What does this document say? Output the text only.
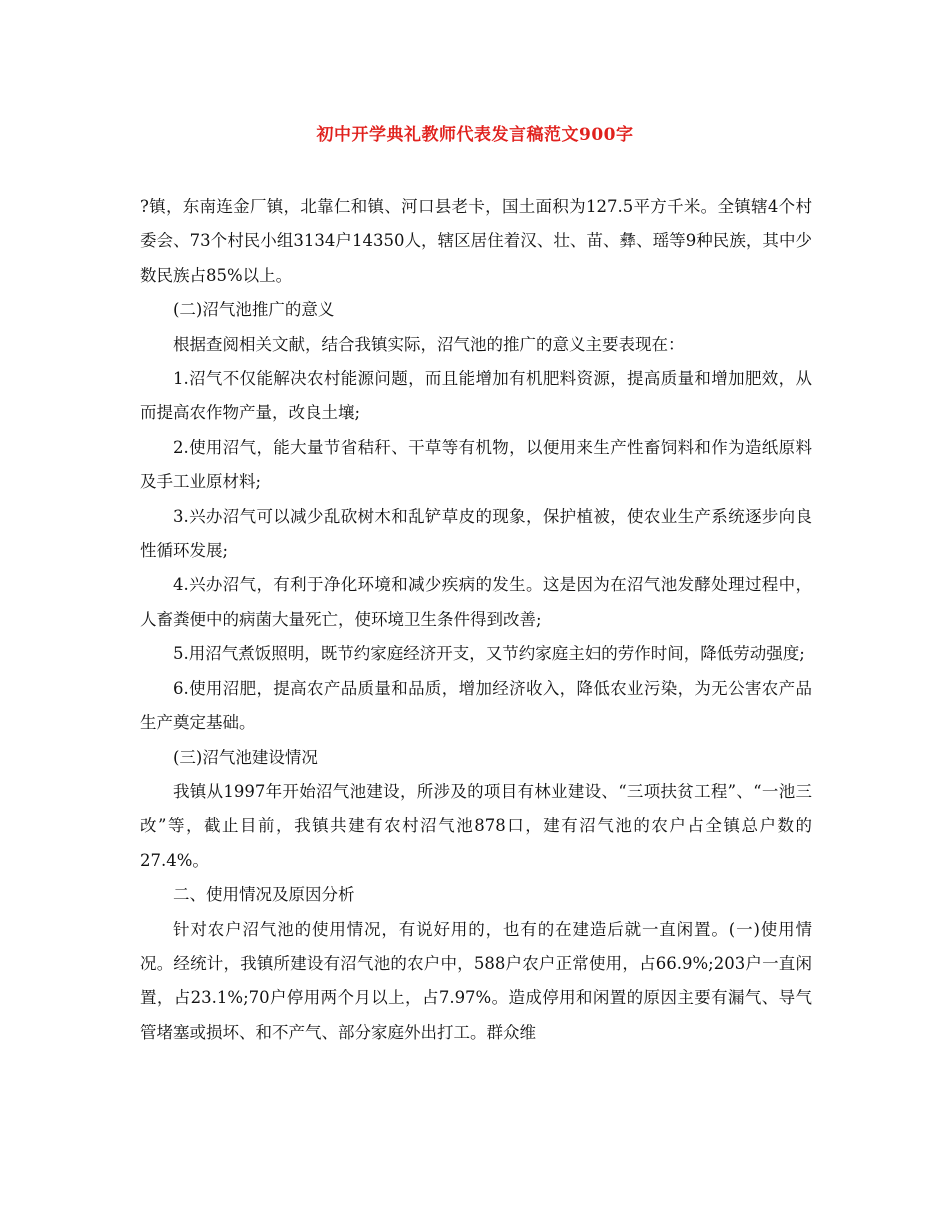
初中开学典礼教师代表发言稿范文900字

?镇，东南连金厂镇，北靠仁和镇、河口县老卡，国土面积为127.5平方千米。全镇辖4个村委会、73个村民小组3134户14350人，辖区居住着汉、壮、苗、彝、瑶等9种民族，其中少数民族占85%以上。

(二)沼气池推广的意义

根据查阅相关文献，结合我镇实际，沼气池的推广的意义主要表现在：

1.沼气不仅能解决农村能源问题，而且能增加有机肥料资源，提高质量和增加肥效，从而提高农作物产量，改良土壤;

2.使用沼气，能大量节省秸秆、干草等有机物，以便用来生产性畜饲料和作为造纸原料及手工业原材料;

3.兴办沼气可以减少乱砍树木和乱铲草皮的现象，保护植被，使农业生产系统逐步向良性循环发展;

4.兴办沼气，有利于净化环境和减少疾病的发生。这是因为在沼气池发酵处理过程中，人畜粪便中的病菌大量死亡，使环境卫生条件得到改善;

5.用沼气煮饭照明，既节约家庭经济开支，又节约家庭主妇的劳作时间，降低劳动强度;

6.使用沼肥，提高农产品质量和品质，增加经济收入，降低农业污染，为无公害农产品生产奠定基础。

(三)沼气池建设情况

我镇从1997年开始沼气池建设，所涉及的项目有林业建设、“三项扶贫工程”、“一池三改”等，截止目前，我镇共建有农村沼气池878口，建有沼气池的农户占全镇总户数的27.4%。

二、使用情况及原因分析

针对农户沼气池的使用情况，有说好用的，也有的在建造后就一直闲置。(一)使用情况。经统计，我镇所建设有沼气池的农户中，588户农户正常使用，占66.9%;203户一直闲置，占23.1%;70户停用两个月以上，占7.97%。造成停用和闲置的原因主要有漏气、导气管堵塞或损坏、和不产气、部分家庭外出打工。群众维
